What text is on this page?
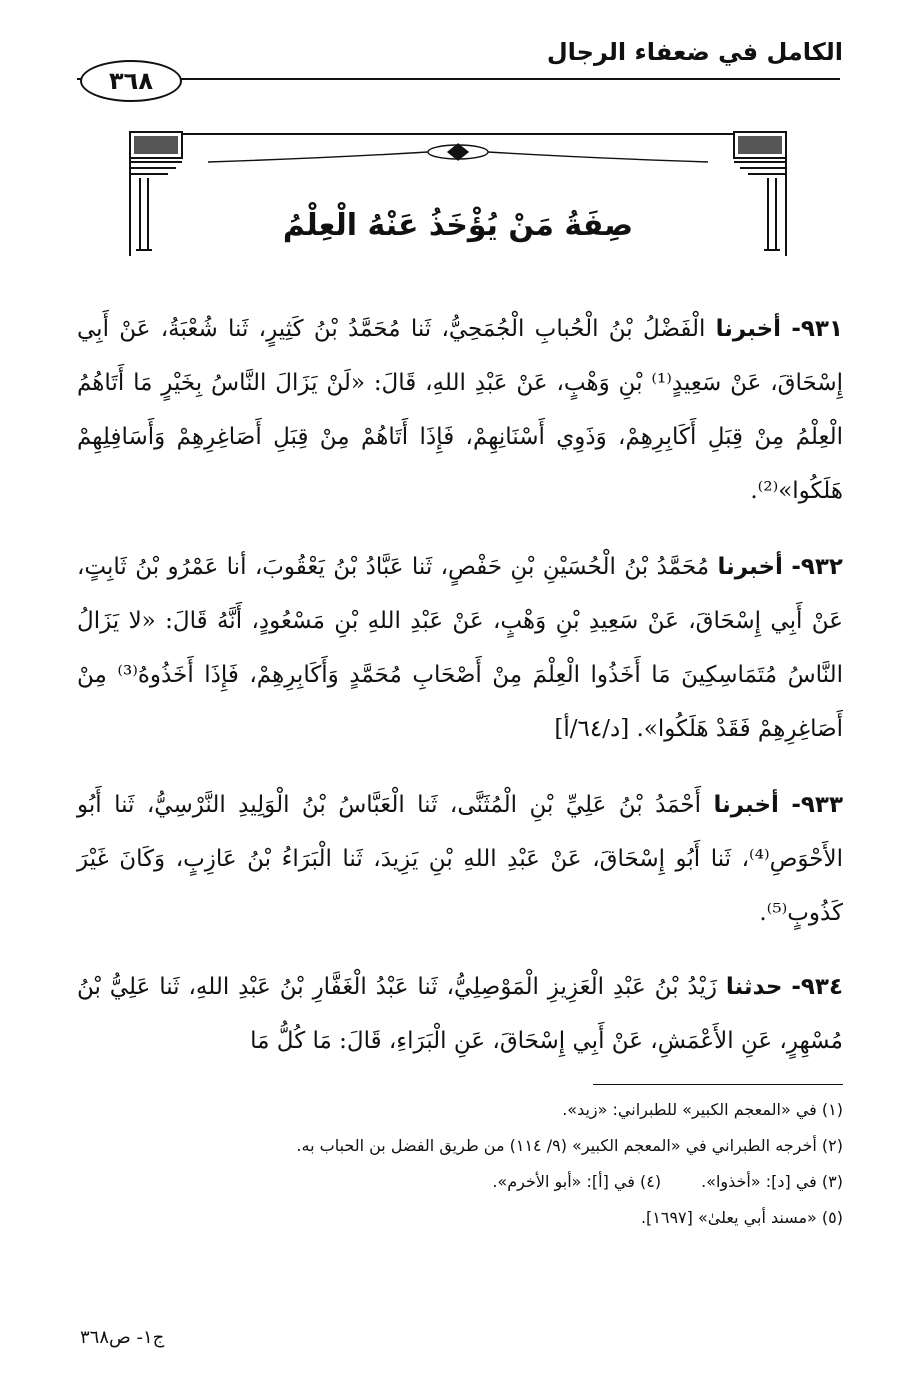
الكامل في ضعفاء الرجال
٣٦٨
صِفَةُ مَنْ يُؤْخَذُ عَنْهُ الْعِلْمُ

٩٣١- أخبرنا الْفَضْلُ بْنُ الْحُبابِ الْجُمَحِيُّ، ثَنا مُحَمَّدُ بْنُ كَثِيرٍ، ثَنا شُعْبَةُ، عَنْ أَبِي إِسْحَاقَ، عَنْ سَعِيدٍ⁽¹⁾ بْنِ وَهْبٍ، عَنْ عَبْدِ اللهِ، قَالَ: «لَنْ يَزَالَ النَّاسُ بِخَيْرٍ مَا أَتَاهُمُ الْعِلْمُ مِنْ قِبَلِ أَكَابِرِهِمْ، وَذَوِي أَسْنَانِهِمْ، فَإِذَا أَتَاهُمْ مِنْ قِبَلِ أَصَاغِرِهِمْ وَأَسَافِلِهِمْ هَلَكُوا»⁽²⁾.

٩٣٢- أخبرنا مُحَمَّدُ بْنُ الْحُسَيْنِ بْنِ حَفْصٍ، ثَنا عَبَّادُ بْنُ يَعْقُوبَ، أنا عَمْرُو بْنُ ثَابِتٍ، عَنْ أَبِي إِسْحَاقَ، عَنْ سَعِيدِ بْنِ وَهْبٍ، عَنْ عَبْدِ اللهِ بْنِ مَسْعُودٍ، أَنَّهُ قَالَ: «لا يَزَالُ النَّاسُ مُتَمَاسِكِينَ مَا أَخَذُوا الْعِلْمَ مِنْ أَصْحَابِ مُحَمَّدٍ وَأَكَابِرِهِمْ، فَإِذَا أَخَذُوهُ⁽³⁾ مِنْ أَصَاغِرِهِمْ فَقَدْ هَلَكُوا». [د/٦٤/أ]

٩٣٣- أخبرنا أَحْمَدُ بْنُ عَلِيِّ بْنِ الْمُثَنَّى، ثَنا الْعَبَّاسُ بْنُ الْوَلِيدِ النَّرْسِيُّ، ثَنا أَبُو الأَحْوَصِ⁽⁴⁾، ثَنا أَبُو إِسْحَاقَ، عَنْ عَبْدِ اللهِ بْنِ يَزِيدَ، ثَنا الْبَرَاءُ بْنُ عَازِبٍ، وَكَانَ غَيْرَ كَذُوبٍ⁽⁵⁾.

٩٣٤- حدثنا زَيْدُ بْنُ عَبْدِ الْعَزِيزِ الْمَوْصِلِيُّ، ثَنا عَبْدُ الْغَفَّارِ بْنُ عَبْدِ اللهِ، ثَنا عَلِيُّ بْنُ مُسْهِرٍ، عَنِ الأَعْمَشِ، عَنْ أَبِي إِسْحَاقَ، عَنِ الْبَرَاءِ، قَالَ: مَا كُلُّ مَا

(١) في «المعجم الكبير» للطبراني: «زيد».
(٢) أخرجه الطبراني في «المعجم الكبير» (٩/ ١١٤) من طريق الفضل بن الحباب به.
(٣) في [د]: «أخذوا».
(٤) في [أ]: «أبو الأخرم».
(٥) «مسند أبي يعلىٰ» [١٦٩٧].
ج١- ص٣٦٨
